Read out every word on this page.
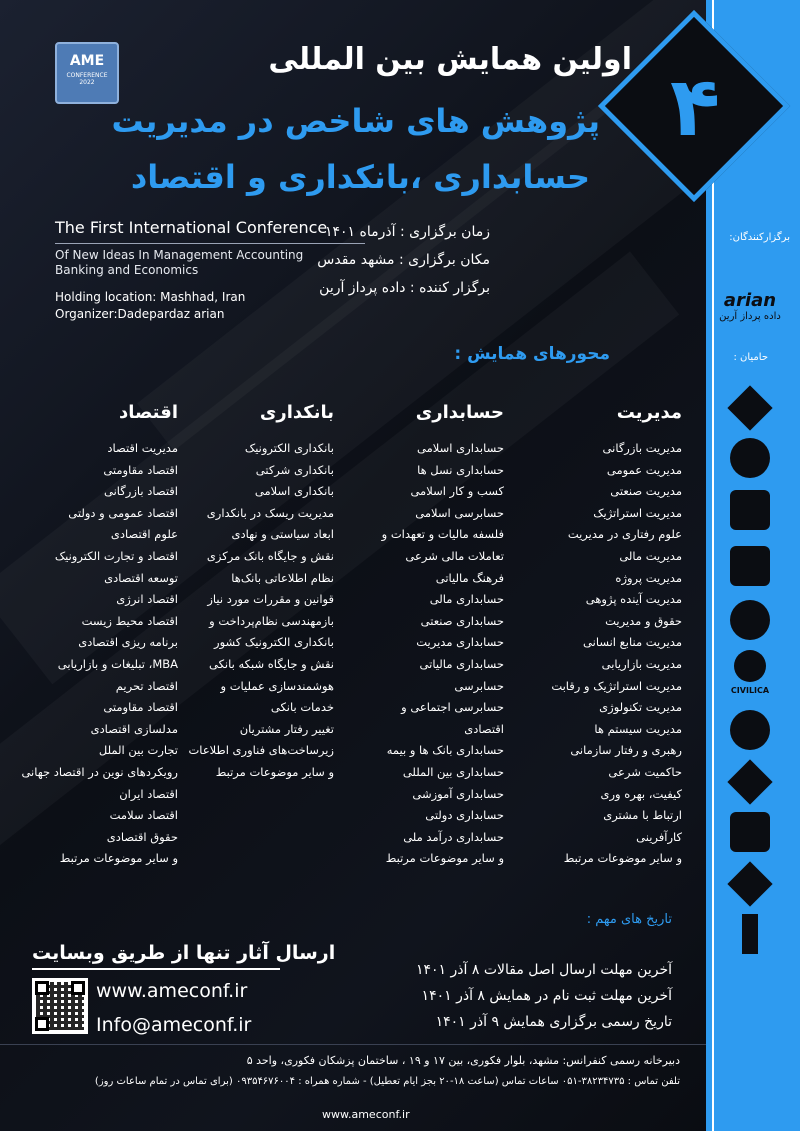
۴
AME
CONFERENCE
2022
اولین همایش بین المللی
پژوهش های شاخص در مدیریت
حسابداری ،بانکداری و اقتصاد
The First International Conference
Of New Ideas In Management Accounting
Banking and Economics
Holding location: Mashhad, Iran
Organizer:Dadepardaz arian
زمان برگزاری : آذرماه ۱۴۰۱
مکان برگزاری : مشهد مقدس
برگزار کننده : داده پرداز آرین
برگزارکنندگان:
arian
داده پرداز آرین
حامیان :
CIVILICA
محورهای همایش :
مدیریت
مدیریت بازرگانی
مدیریت عمومی
مدیریت صنعتی
مدیریت استراتژیک
علوم رفتاری در مدیریت
مدیریت مالی
مدیریت پروژه
مدیریت آینده پژوهی
حقوق و مدیریت
مدیریت منابع انسانی
مدیریت بازاریابی
مدیریت استراتژیک و رقابت
مدیریت تکنولوژی
مدیریت سیستم ها
رهبری و رفتار سازمانی
حاکمیت شرعی
کیفیت، بهره وری
ارتباط با مشتری
کارآفرینی
و سایر موضوعات مرتبط
حسابداری
حسابداری اسلامی
حسابداری نسل ها
کسب و کار اسلامی
حسابرسی اسلامی
فلسفه مالیات و تعهدات و
تعاملات مالی شرعی
فرهنگ مالیاتی
حسابداری مالی
حسابداری صنعتی
حسابداری مدیریت
حسابداری مالیاتی
حسابرسی
حسابرسی اجتماعی و
اقتصادی
حسابداری بانک ها و بیمه
حسابداری بین المللی
حسابداری آموزشی
حسابداری دولتی
حسابداری درآمد ملی
و سایر موضوعات مرتبط
بانکداری
بانکداری الکترونیک
بانکداری شرکتی
بانکداری اسلامی
مدیریت ریسک در بانکداری
ابعاد سیاستی و نهادی
نقش و جایگاه بانک مرکزی
نظام اطلاعاتی بانک‌ها
قوانین و مقررات مورد نیاز
بازمهندسی نظام‌پرداخت و
بانکداری الکترونیک کشور
نقش و جایگاه شبکه بانکی
هوشمندسازی عملیات و
خدمات بانکی
تغییر رفتار مشتریان
زیرساخت‌های فناوری اطلاعات
و سایر موضوعات مرتبط
اقتصاد
مدیریت اقتصاد
اقتصاد مقاومتی
اقتصاد بازرگانی
اقتصاد عمومی و دولتی
علوم اقتصادی
اقتصاد و تجارت الکترونیک
توسعه اقتصادی
اقتصاد انرژی
اقتصاد محیط زیست
برنامه ریزی اقتصادی
MBA، تبلیغات و بازاریابی
اقتصاد تحریم
اقتصاد مقاومتی
مدلسازی اقتصادی
تجارت بین الملل
رویکردهای نوین در اقتصاد جهانی
اقتصاد ایران
اقتصاد سلامت
حقوق اقتصادی
و سایر موضوعات مرتبط
تاریخ های مهم :
آخرین مهلت ارسال اصل مقالات ۸ آذر ۱۴۰۱
آخرین مهلت ثبت نام در همایش ۸ آذر ۱۴۰۱
تاریخ رسمی برگزاری همایش ۹ آذر ۱۴۰۱
ارسال آثار تنها از طریق وبسایت
www.ameconf.ir
Info@ameconf.ir
دبیرخانه رسمی کنفرانس: مشهد، بلوار فکوری، بین ۱۷ و ۱۹ ، ساختمان پزشکان فکوری، واحد ۵
تلفن تماس : ۳۸۲۳۴۷۳۵-۰۵۱ ساعات تماس (ساعت ۱۸-۲۰ بجز ایام تعطیل) - شماره همراه : ۰۹۳۵۴۶۷۶۰۰۴ (برای تماس در تمام ساعات روز)
www.ameconf.ir
